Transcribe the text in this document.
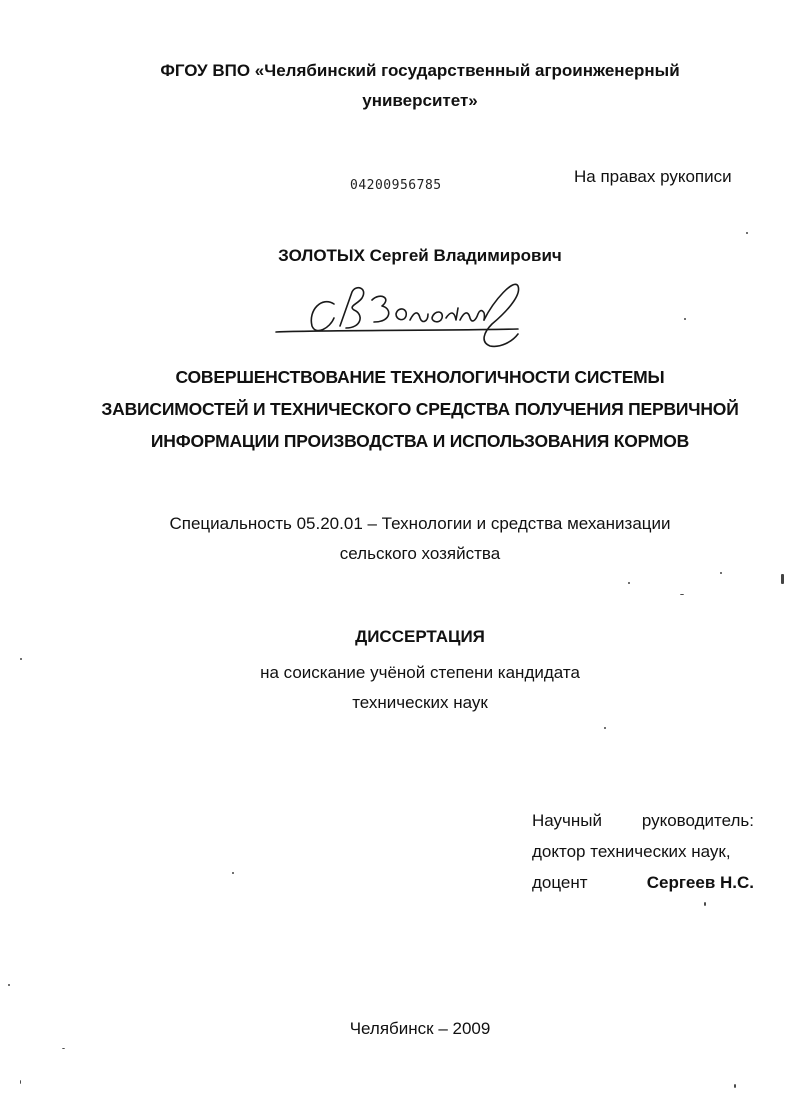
ФГОУ ВПО «Челябинский государственный агроинженерный
университет»
04200956785	На правах рукописи
ЗОЛОТЫХ Сергей Владимирович
СОВЕРШЕНСТВОВАНИЕ ТЕХНОЛОГИЧНОСТИ СИСТЕМЫ
ЗАВИСИМОСТЕЙ И ТЕХНИЧЕСКОГО СРЕДСТВА ПОЛУЧЕНИЯ ПЕРВИЧНОЙ
ИНФОРМАЦИИ ПРОИЗВОДСТВА И ИСПОЛЬЗОВАНИЯ КОРМОВ
Специальность 05.20.01 – Технологии и средства механизации
сельского хозяйства
ДИССЕРТАЦИЯ
на соискание учёной степени кандидата
технических наук
Научный руководитель:
доктор технических наук,
доцент	Сергеев Н.С.
Челябинск – 2009
